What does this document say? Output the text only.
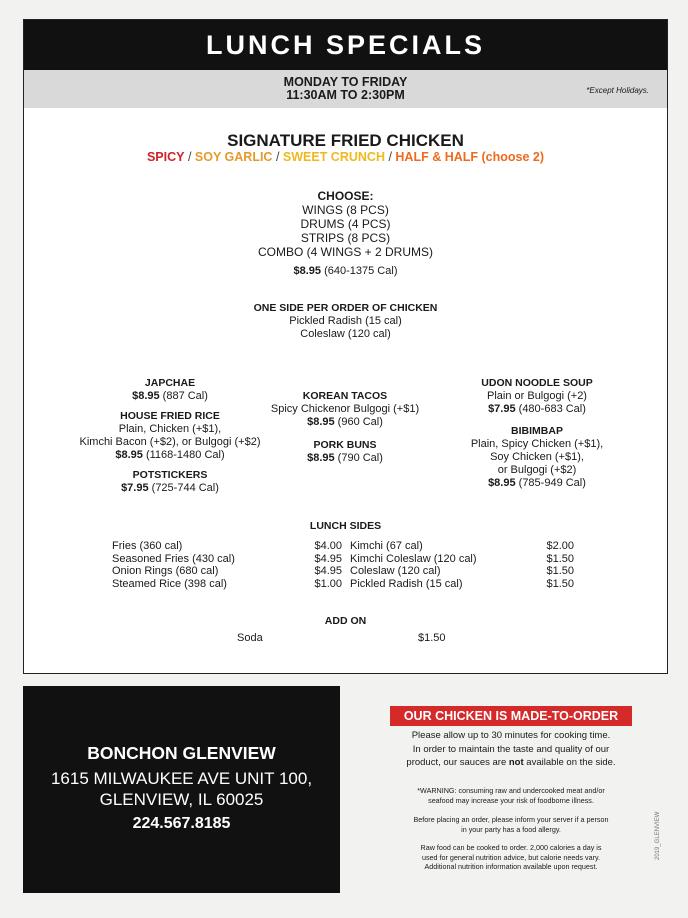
LUNCH SPECIALS
MONDAY TO FRIDAY
11:30AM TO 2:30PM	*Except Holidays.
SIGNATURE FRIED CHICKEN
SPICY / SOY GARLIC / SWEET CRUNCH / HALF & HALF (choose 2)
CHOOSE:
WINGS (8 PCS)
DRUMS (4 PCS)
STRIPS (8 PCS)
COMBO (4 WINGS + 2 DRUMS)
$8.95 (640-1375 Cal)
ONE SIDE PER ORDER OF CHICKEN
Pickled Radish (15 cal)
Coleslaw (120 cal)
JAPCHAE
$8.95 (887 Cal)
HOUSE FRIED RICE
Plain, Chicken (+$1),
Kimchi Bacon (+$2), or Bulgogi (+$2)
$8.95 (1168-1480 Cal)
POTSTICKERS
$7.95 (725-744 Cal)
KOREAN TACOS
Spicy Chickenor Bulgogi (+$1)
$8.95 (960 Cal)
PORK BUNS
$8.95 (790 Cal)
UDON NOODLE SOUP
Plain or Bulgogi (+2)
$7.95 (480-683 Cal)
BIBIMBAP
Plain, Spicy Chicken (+$1),
Soy Chicken (+$1),
or Bulgogi (+$2)
$8.95 (785-949 Cal)
LUNCH SIDES
Fries (360 cal)	$4.00
Seasoned Fries (430 cal)	$4.95
Onion Rings (680 cal)	$4.95
Steamed Rice (398 cal)	$1.00
Kimchi (67 cal)	$2.00
Kimchi Coleslaw (120 cal)	$1.50
Coleslaw (120 cal)	$1.50
Pickled Radish (15 cal)	$1.50
ADD ON
Soda	$1.50
BONCHON GLENVIEW
1615 MILWAUKEE AVE UNIT 100,
GLENVIEW, IL 60025
224.567.8185
OUR CHICKEN IS MADE-TO-ORDER
Please allow up to 30 minutes for cooking time.
In order to maintain the taste and quality of our
product, our sauces are not available on the side.
*WARNING: consuming raw and undercooked meat and/or
seafood may increase your risk of foodborne illness.
Before placing an order, please inform your server if a person
in your party has a food allergy.
Raw food can be cooked to order. 2,000 calories a day is
used for general nutrition advice, but calorie needs vary.
Additional nutrition information available upon request.
2019_GLENVIEW
